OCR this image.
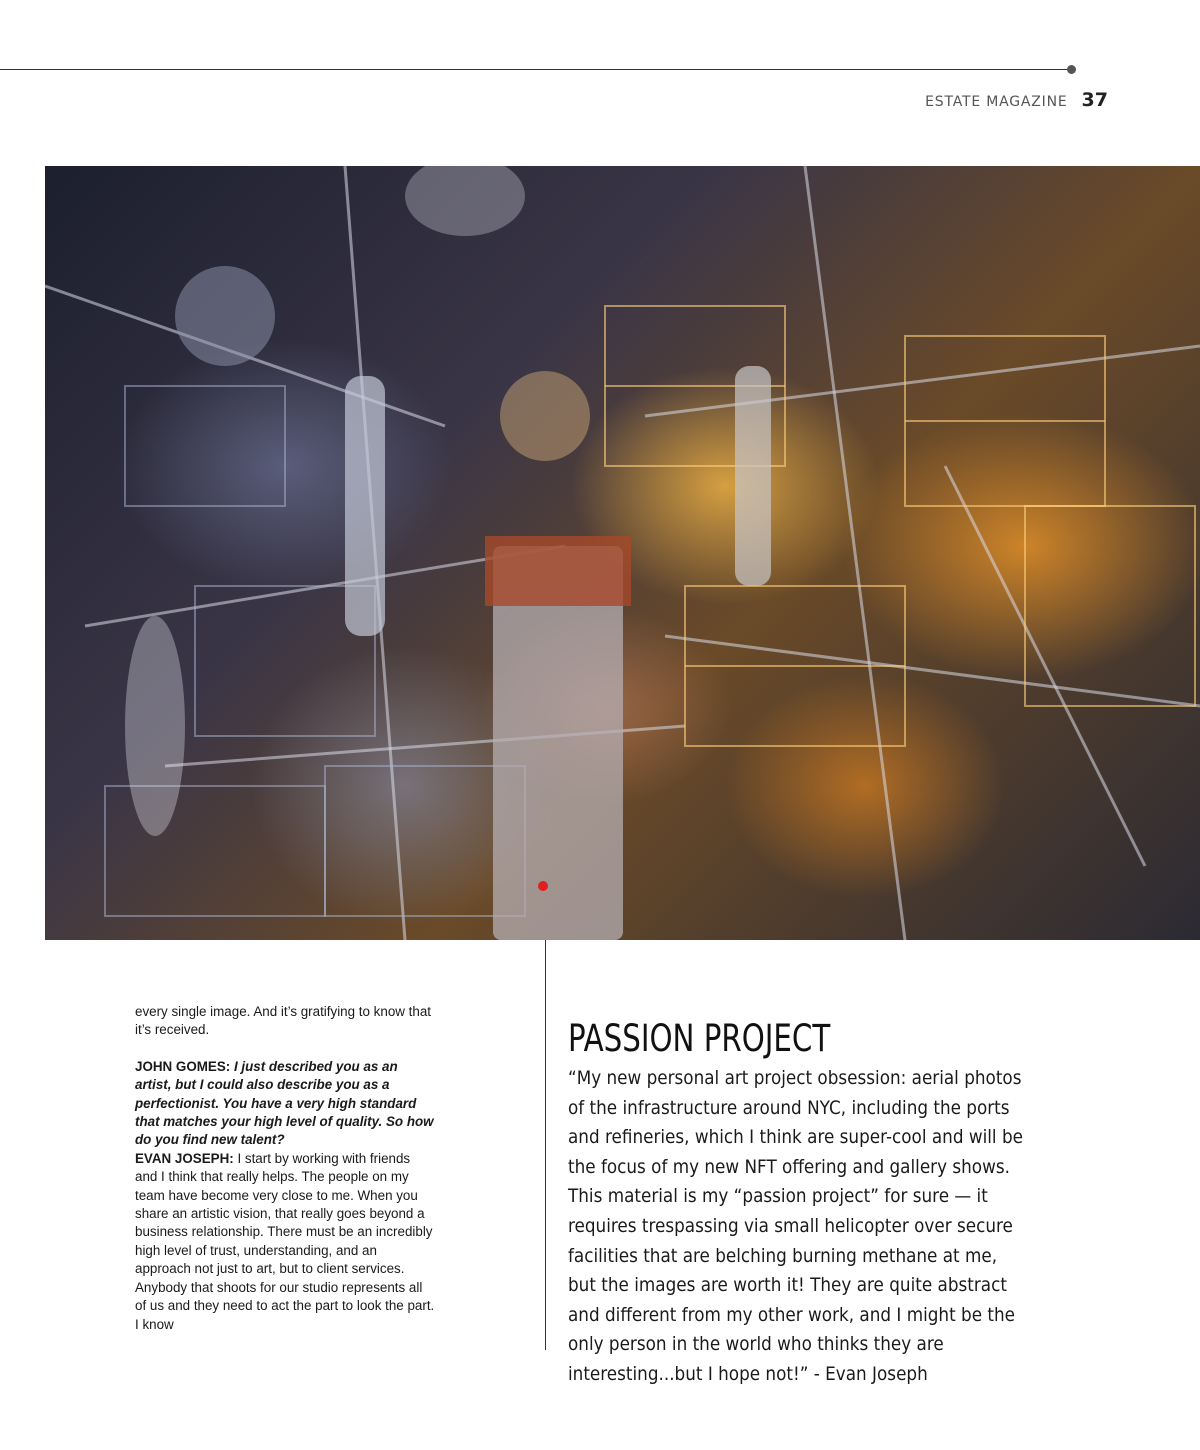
ESTATE MAGAZINE 37

every single image. And it’s gratifying to know that it’s received.

JOHN GOMES: I just described you as an artist, but I could also describe you as a perfectionist. You have a very high standard that matches your high level of quality. So how do you find new talent?

EVAN JOSEPH: I start by working with friends and I think that really helps. The people on my team have become very close to me. When you share an artistic vision, that really goes beyond a business relationship. There must be an incredibly high level of trust, understanding, and an approach not just to art, but to client services. Anybody that shoots for our studio represents all of us and they need to act the part to look the part. I know

PASSION PROJECT

“My new personal art project obsession: aerial photos of the infrastructure around NYC, including the ports and refineries, which I think are super-cool and will be the focus of my new NFT offering and gallery shows. This material is my “passion project” for sure — it requires trespassing via small helicopter over secure facilities that are belching burning methane at me, but the images are worth it! They are quite abstract and different from my other work, and I might be the only person in the world who thinks they are interesting...but I hope not!” - Evan Joseph
